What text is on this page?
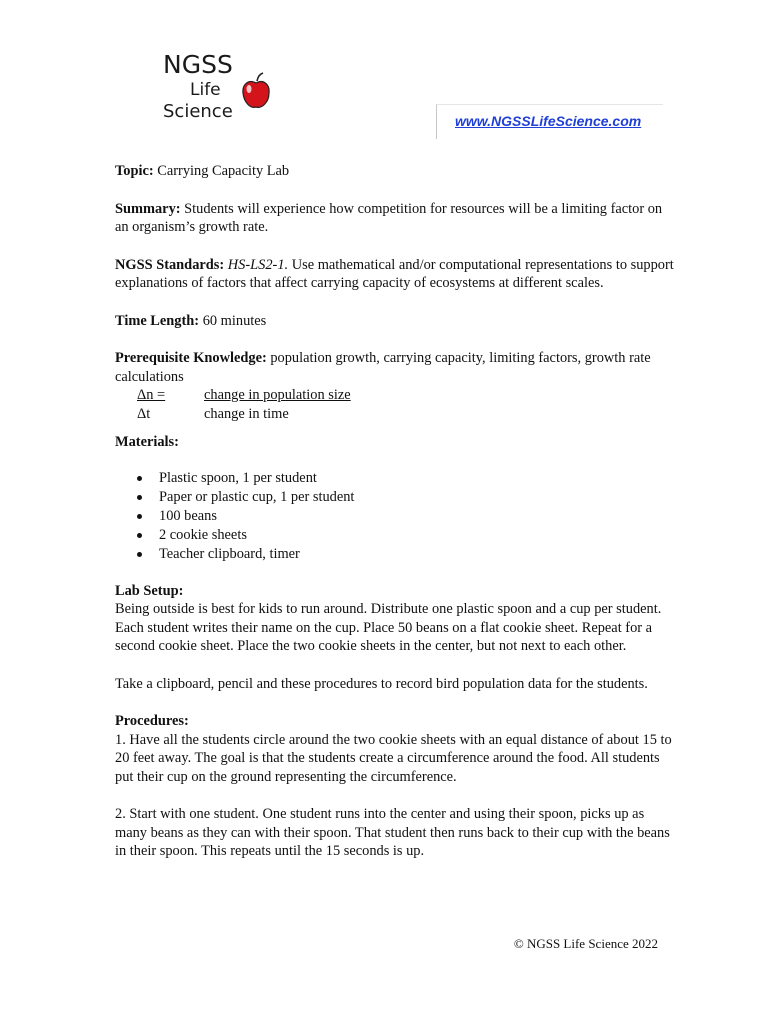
NGSS
Life
Science	www.NGSSLifeScience.com

Topic: Carrying Capacity Lab

Summary: Students will experience how competition for resources will be a limiting factor on an organism’s growth rate.

NGSS Standards: HS-LS2-1. Use mathematical and/or computational representations to support explanations of factors that affect carrying capacity of ecosystems at different scales.

Time Length: 60 minutes

Prerequisite Knowledge: population growth, carrying capacity, limiting factors, growth rate calculations

Δn =	change in population size
Δt	change in time
Materials:
Plastic spoon, 1 per student
Paper or plastic cup, 1 per student
100 beans
2 cookie sheets
Teacher clipboard, timer
Lab Setup:

Being outside is best for kids to run around. Distribute one plastic spoon and a cup per student. Each student writes their name on the cup. Place 50 beans on a flat cookie sheet. Repeat for a second cookie sheet. Place the two cookie sheets in the center, but not next to each other.

Take a clipboard, pencil and these procedures to record bird population data for the students.

Procedures:

1. Have all the students circle around the two cookie sheets with an equal distance of about 15 to 20 feet away. The goal is that the students create a circumference around the food. All students put their cup on the ground representing the circumference.

2. Start with one student. One student runs into the center and using their spoon, picks up as many beans as they can with their spoon. That student then runs back to their cup with the beans in their spoon. This repeats until the 15 seconds is up.

© NGSS Life Science 2022
